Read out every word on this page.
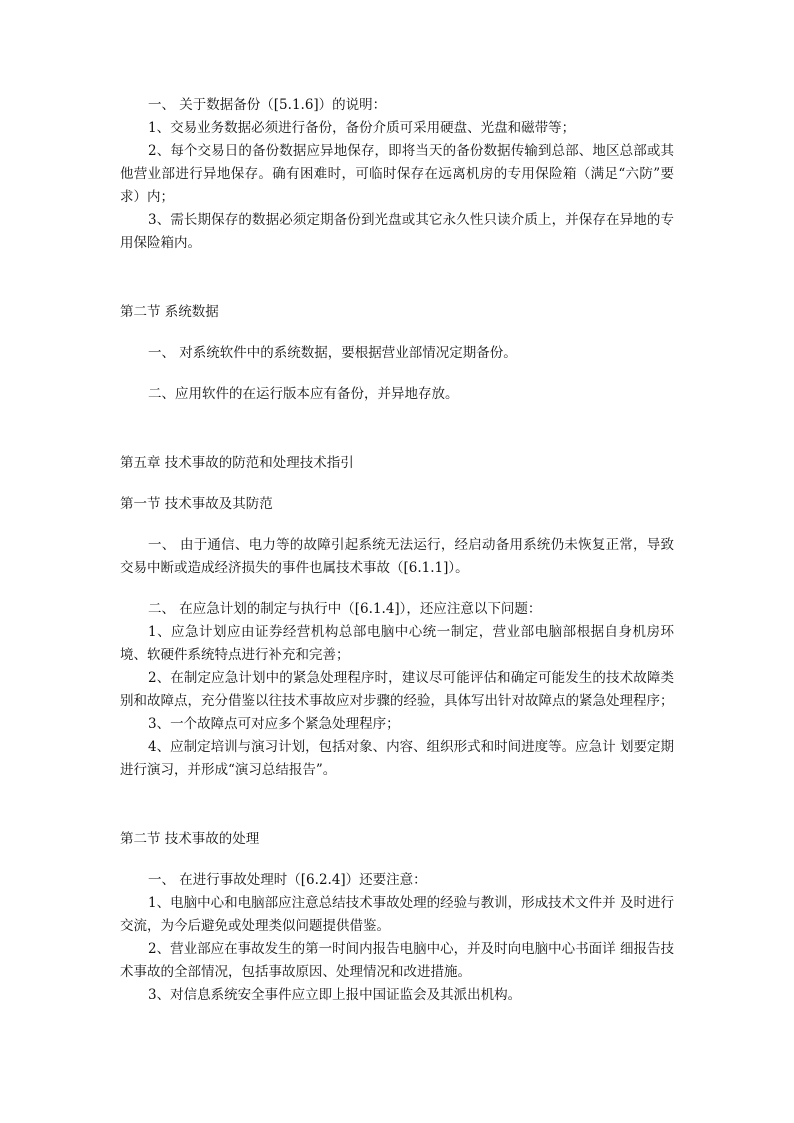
一、 关于数据备份（[5.1.6]）的说明：

1、交易业务数据必须进行备份，备份介质可采用硬盘、光盘和磁带等；

2、每个交易日的备份数据应异地保存，即将当天的备份数据传输到总部、地区总部或其他营业部进行异地保存。确有困难时，可临时保存在远离机房的专用保险箱（满足“六防”要求）内；

3、需长期保存的数据必须定期备份到光盘或其它永久性只读介质上，并保存在异地的专用保险箱内。

第二节 系统数据

一、 对系统软件中的系统数据，要根据营业部情况定期备份。

二、应用软件的在运行版本应有备份，并异地存放。

第五章 技术事故的防范和处理技术指引

第一节 技术事故及其防范

一、 由于通信、电力等的故障引起系统无法运行，经启动备用系统仍未恢复正常，导致交易中断或造成经济损失的事件也属技术事故（[6.1.1]）。

二、 在应急计划的制定与执行中（[6.1.4]），还应注意以下问题：

1、应急计划应由证券经营机构总部电脑中心统一制定，营业部电脑部根据自身机房环境、软硬件系统特点进行补充和完善；

2、在制定应急计划中的紧急处理程序时，建议尽可能评估和确定可能发生的技术故障类别和故障点，充分借鉴以往技术事故应对步骤的经验，具体写出针对故障点的紧急处理程序；

3、一个故障点可对应多个紧急处理程序；

4、应制定培训与演习计划，包括对象、内容、组织形式和时间进度等。应急计 划要定期进行演习，并形成“演习总结报告”。

第二节 技术事故的处理

一、 在进行事故处理时（[6.2.4]）还要注意：

1、电脑中心和电脑部应注意总结技术事故处理的经验与教训，形成技术文件并 及时进行交流，为今后避免或处理类似问题提供借鉴。

2、营业部应在事故发生的第一时间内报告电脑中心，并及时向电脑中心书面详 细报告技术事故的全部情况，包括事故原因、处理情况和改进措施。

3、对信息系统安全事件应立即上报中国证监会及其派出机构。
